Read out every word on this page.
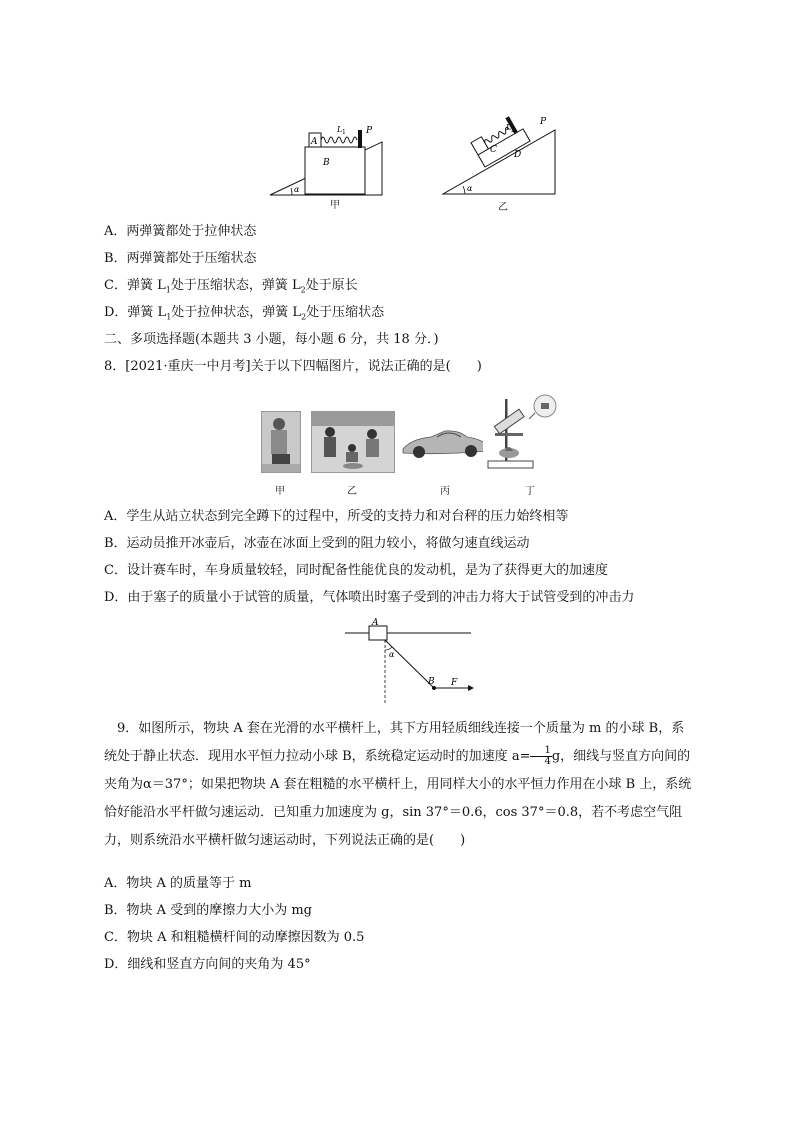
A
B
L 1 P
α
甲
C D
L 2
P
α
乙
A．两弹簧都处于拉伸状态
B．两弹簧都处于压缩状态
C．弹簧 $L_1$处于压缩状态，弹簧 $L_2$处于原长
D．弹簧 $L_1$处于拉伸状态，弹簧 $L_2$处于压缩状态
二、多项选择题(本题共 3 小题，每小题 6 分，共 18 分．)
8．[2021·重庆一中月考]关于以下四幅图片，说法正确的是(　　)
甲	乙	丙	丁
A．学生从站立状态到完全蹲下的过程中，所受的支持力和对台秤的压力始终相等
B．运动员推开冰壶后，冰壶在冰面上受到的阻力较小，将做匀速直线运动
C．设计赛车时，车身质量较轻，同时配备性能优良的发动机，是为了获得更大的加速度
D．由于塞子的质量小于试管的质量，气体喷出时塞子受到的冲击力将大于试管受到的冲击力
A
α
B F
9．如图所示，物块 A 套在光滑的水平横杆上，其下方用轻质细线连接一个质量为 m 的小球 B，系统处于静止状态．现用水平恒力拉动小球 B，系统稳定运动时的加速度 $a= \frac{1}{4}$ g，细线与竖直方向间的夹角为α＝37°；如果把物块 A 套在粗糙的水平横杆上，用同样大小的水平恒力作用在小球 B 上，系统恰好能沿水平杆做匀速运动．已知重力加速度为 g，sin 37°＝0.6，cos 37°＝0.8，若不考虑空气阻力，则系统沿水平横杆做匀速运动时，下列说法正确的是(　　)
A．物块 A 的质量等于 m
B．物块 A 受到的摩擦力大小为 mg
C．物块 A 和粗糙横杆间的动摩擦因数为 0.5
D．细线和竖直方向间的夹角为 45°
